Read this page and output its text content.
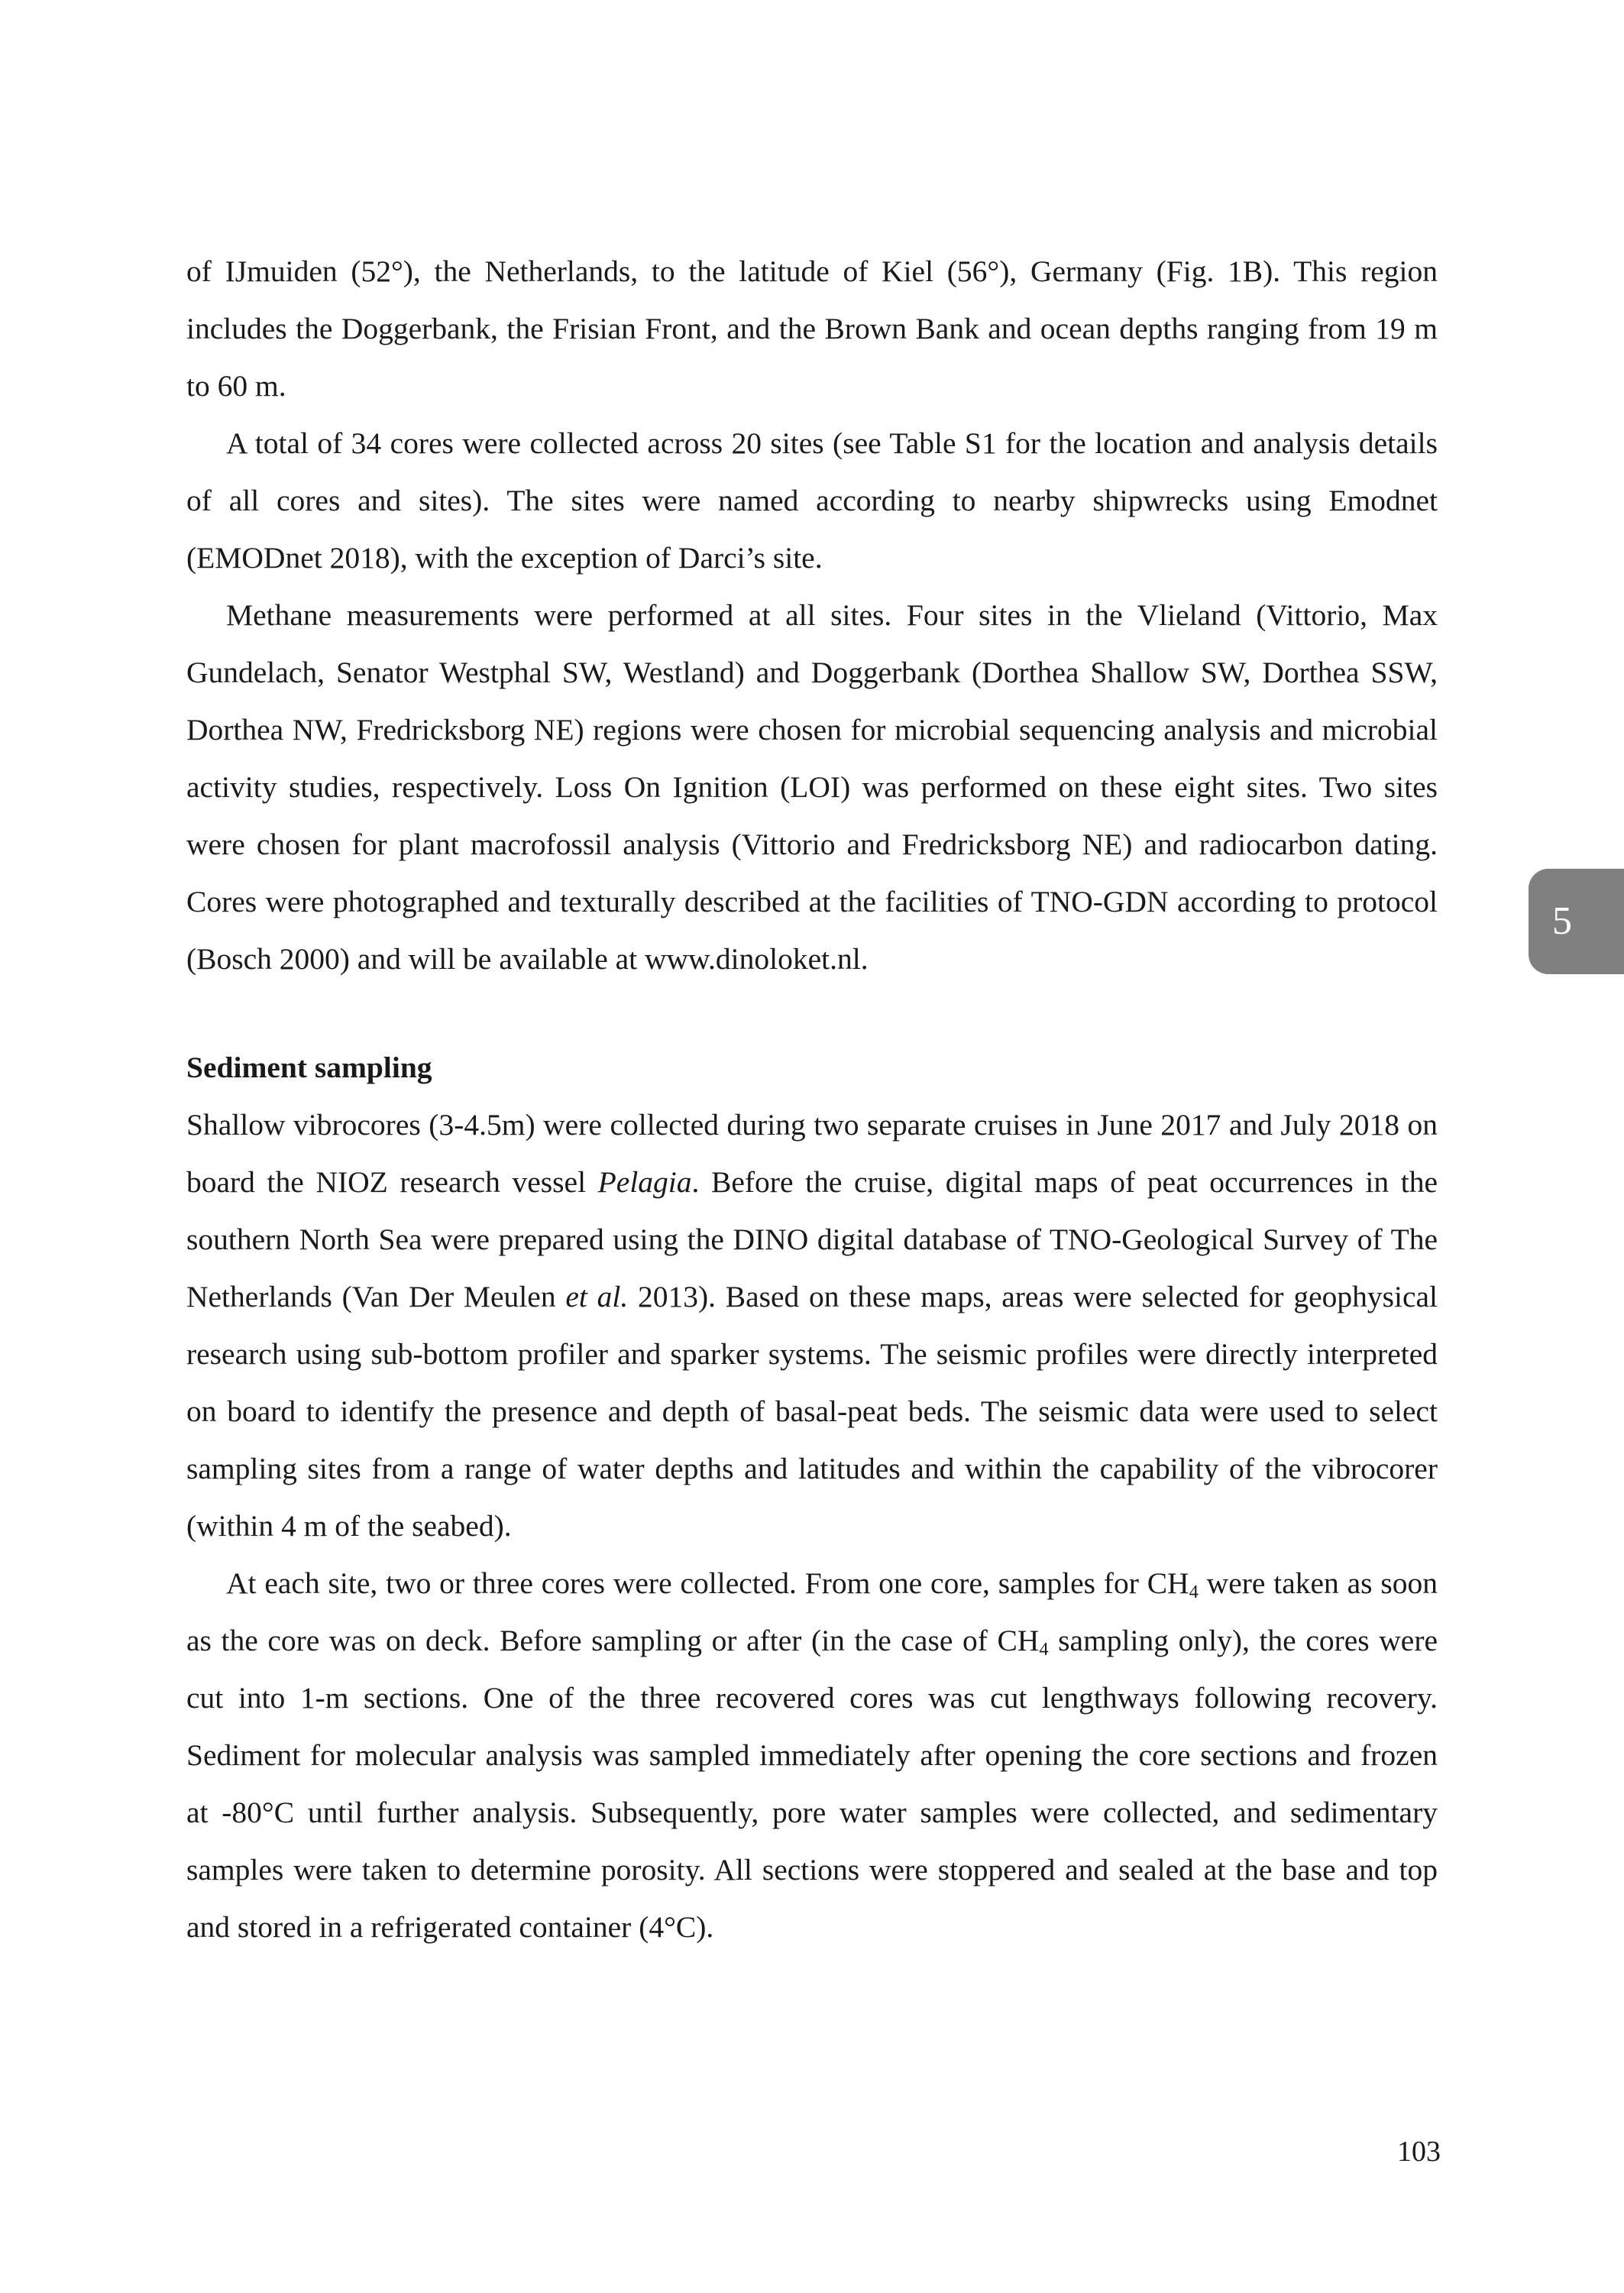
of IJmuiden (52°), the Netherlands, to the latitude of Kiel (56°), Germany (Fig. 1B). This region includes the Doggerbank, the Frisian Front, and the Brown Bank and ocean depths ranging from 19 m to 60 m.

A total of 34 cores were collected across 20 sites (see Table S1 for the location and analysis details of all cores and sites). The sites were named according to nearby shipwrecks using Emodnet (EMODnet 2018), with the exception of Darci’s site.

Methane measurements were performed at all sites. Four sites in the Vlieland (Vittorio, Max Gundelach, Senator Westphal SW, Westland) and Doggerbank (Dorthea Shallow SW, Dorthea SSW, Dorthea NW, Fredricksborg NE) regions were chosen for microbial sequencing analysis and microbial activity studies, respectively. Loss On Ignition (LOI) was performed on these eight sites. Two sites were chosen for plant macrofossil analysis (Vittorio and Fredricksborg NE) and radiocarbon dating. Cores were photographed and texturally described at the facilities of TNO-GDN according to protocol (Bosch 2000) and will be available at www.dinoloket.nl.

Sediment sampling

Shallow vibrocores (3-4.5m) were collected during two separate cruises in June 2017 and July 2018 on board the NIOZ research vessel Pelagia. Before the cruise, digital maps of peat occurrences in the southern North Sea were prepared using the DINO digital database of TNO-Geological Survey of The Netherlands (Van Der Meulen et al. 2013). Based on these maps, areas were selected for geophysical research using sub-bottom profiler and sparker systems. The seismic profiles were directly interpreted on board to identify the presence and depth of basal-peat beds. The seismic data were used to select sampling sites from a range of water depths and latitudes and within the capability of the vibrocorer (within 4 m of the seabed).

At each site, two or three cores were collected. From one core, samples for $CH_4$ were taken as soon as the core was on deck. Before sampling or after (in the case of $CH_4$ sampling only), the cores were cut into 1-m sections. One of the three recovered cores was cut lengthways following recovery. Sediment for molecular analysis was sampled immediately after opening the core sections and frozen at -80°C until further analysis. Subsequently, pore water samples were collected, and sedimentary samples were taken to determine porosity. All sections were stoppered and sealed at the base and top and stored in a refrigerated container (4°C).

5
103
